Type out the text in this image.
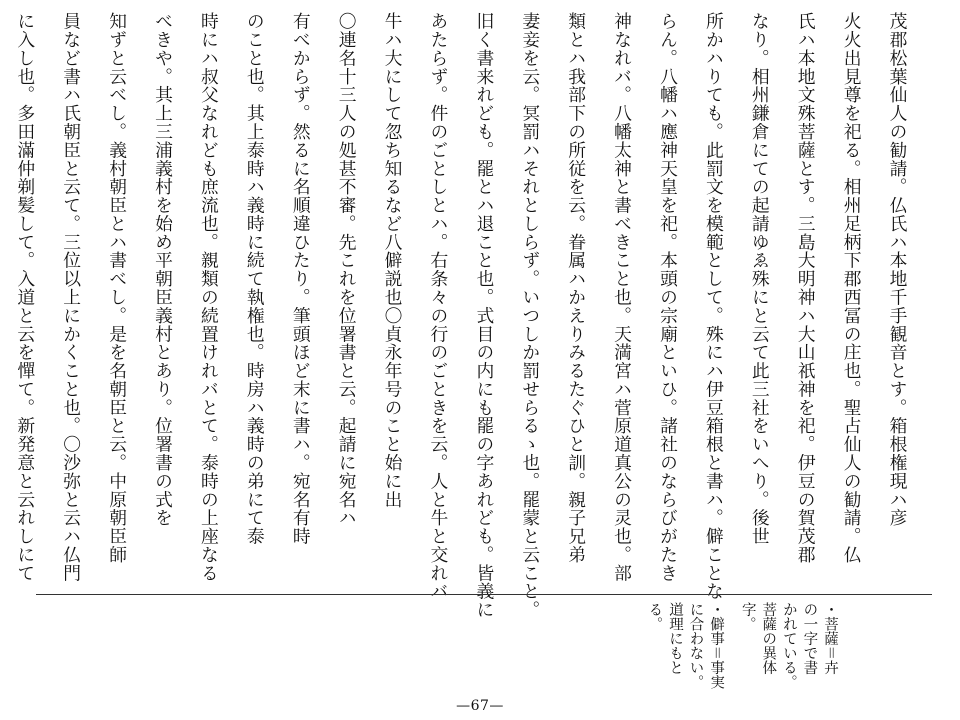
茂郡松葉仙人の勧請。仏氏ハ本地千手観音とす。箱根権現ハ彦
火火出見尊を祀る。相州足柄下郡西冨の庄也。聖占仙人の勧請。仏
氏ハ本地文殊菩薩とす。三島大明神ハ大山祇神を祀。伊豆の賀茂郡
なり。相州鎌倉にての起請ゆゑ殊にと云て此三社をいへり。後世
所かハりても。此罰文を模範として。殊にハ伊豆箱根と書ハ。僻ことな
らん。八幡ハ應神天皇を祀。本頭の宗廟といひ。諸社のならびがたき
神なれバ。八幡太神と書べきこと也。天満宮ハ菅原道真公の灵也。部
類とハ我部下の所従を云。眷属ハかえりみるたぐひと訓。親子兄弟
妻妾を云。冥罰ハそれとしらず。いつしか罰せらるゝ也。罷蒙と云こと。
旧く書来れども。罷とハ退こと也。式目の内にも罷の字あれども。皆義に
あたらず。件のごとしとハ。右条々の行のごときを云。人と牛と交れバ
牛ハ大にして忽ち知るなど八僻説也〇貞永年号のこと始に出
〇連名十三人の処甚不審。先これを位署書と云。起請に宛名ハ
有べからず。然るに名順違ひたり。筆頭ほど末に書ハ。宛名有時
のこと也。其上泰時ハ義時に続て執権也。時房ハ義時の弟にて泰
時にハ叔父なれども庶流也。親類の続置けれバとて。泰時の上座なる
べきや。其上三浦義村を始め平朝臣義村とあり。位署書の式を
知ずと云べし。義村朝臣とハ書べし。是を名朝臣と云。中原朝臣師
員など書ハ氏朝臣と云て。三位以上にかくこと也。〇沙弥と云ハ仏門
に入し也。多田滿仲剃髪して。入道と云を憚て。新発意と云れしにて
・菩薩＝卉
の一字で書
かれている。
菩薩の異体
字。
・僻事＝事実
に合わない。
道理にもと
る。
—67—
